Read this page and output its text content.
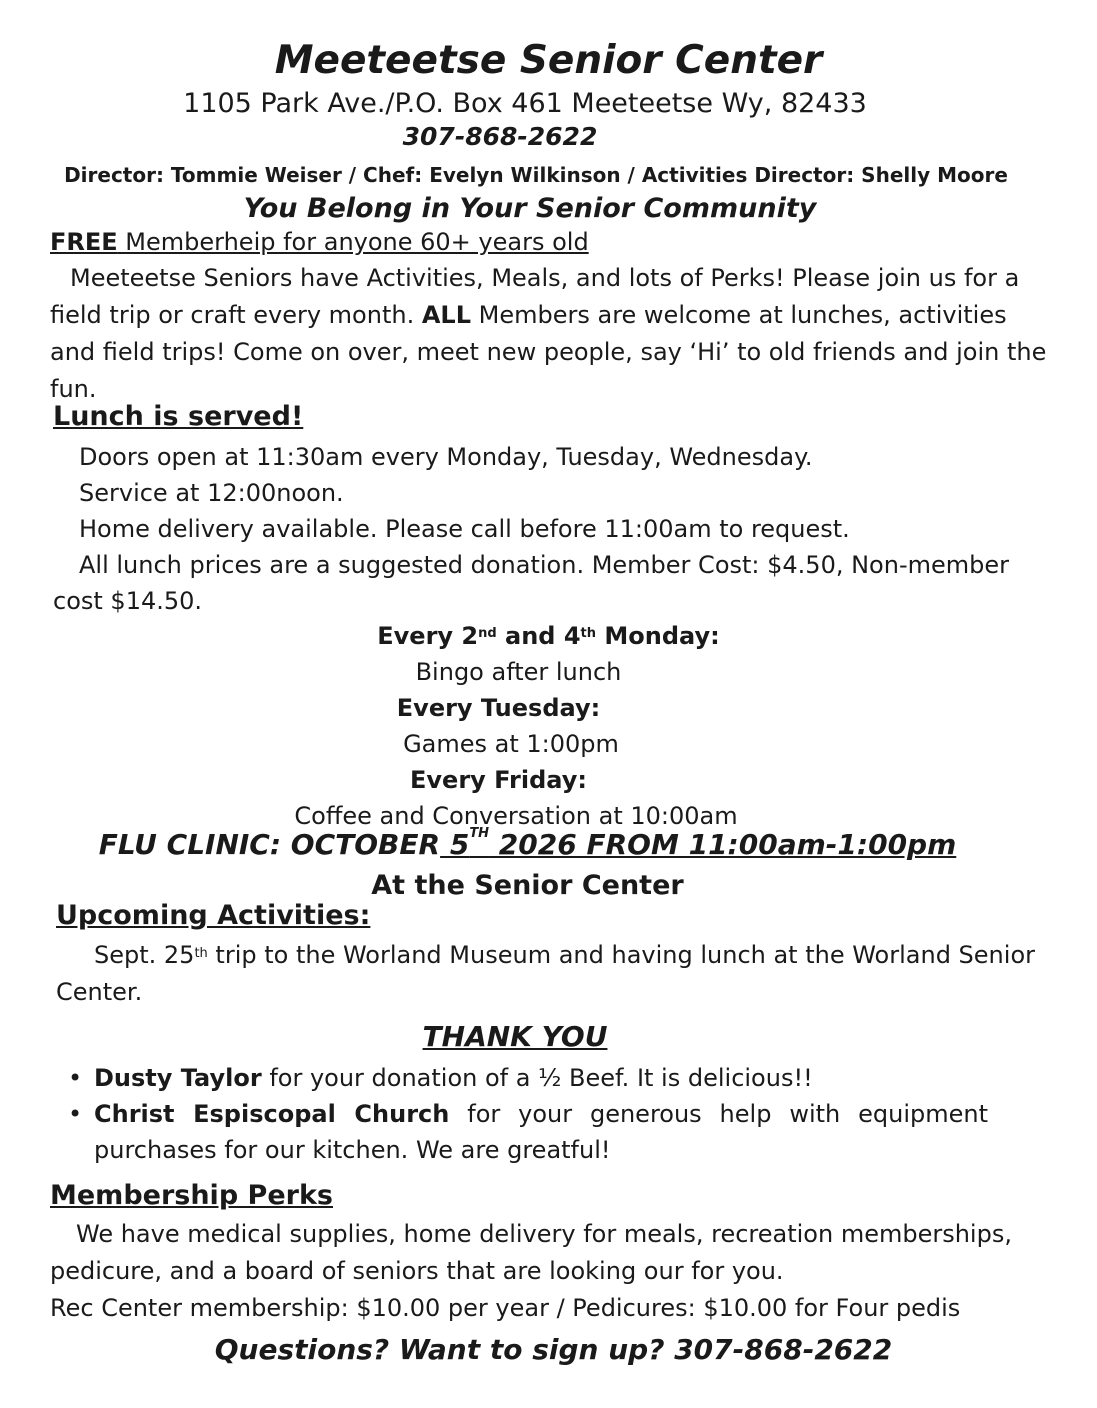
Meeteetse Senior Center
1105 Park Ave./P.O. Box 461 Meeteetse Wy, 82433
307-868-2622
Director: Tommie Weiser / Chef: Evelyn Wilkinson / Activities Director: Shelly Moore
You Belong in Your Senior Community
FREE Memberheip for anyone 60+ years old

Meeteetse Seniors have Activities, Meals, and lots of Perks! Please join us for a field trip or craft every month. ALL Members are welcome at lunches, activities and field trips! Come on over, meet new people, say ‘Hi’ to old friends and join the fun.

Lunch is served!

Doors open at 11:30am every Monday, Tuesday, Wednesday.

Service at 12:00noon.

Home delivery available. Please call before 11:00am to request.

All lunch prices are a suggested donation. Member Cost: $4.50, Non-member cost $14.50.

Every 2nd and 4th Monday:

Bingo after lunch

Every Tuesday:

Games at 1:00pm

Every Friday:

Coffee and Conversation at 10:00am

FLU CLINIC: OCTOBER 5TH 2026 FROM 11:00am-1:00pm
At the Senior Center
Upcoming Activities:

Sept. 25th trip to the Worland Museum and having lunch at the Worland Senior Center.

THANK YOU
• Dusty Taylor for your donation of a ½ Beef. It is delicious!!
• Christ Espiscopal Church for your generous help with equipment purchases for our kitchen. We are greatful!
Membership Perks

We have medical supplies, home delivery for meals, recreation memberships, pedicure, and a board of seniors that are looking our for you.

Rec Center membership: $10.00 per year / Pedicures: $10.00 for Four pedis

Questions? Want to sign up? 307-868-2622
